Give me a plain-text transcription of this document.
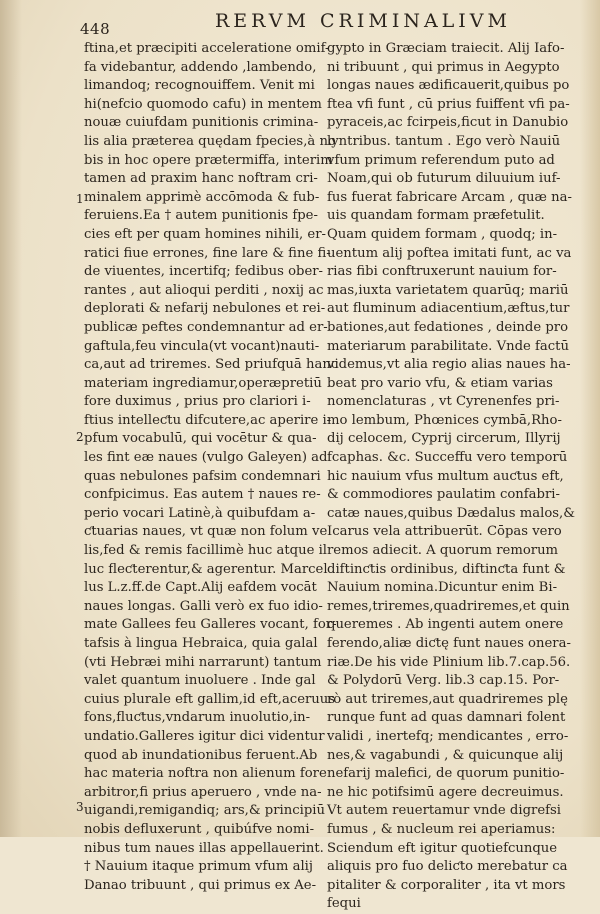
448	RERVM CRIMINALIVM
1
2
3
ftina,et præcipiti acceleratione omif-
fa videbantur, addendo ,lambendo,
limandoq; recognouiffem. Venit mi
hi(nefcio quomodo cafu) in mentem
nouæ cuiufdam punitionis crimina-
lis alia præterea quędam fpecies,à no
bis in hoc opere prætermiffa, interim
tamen ad praxim hanc noftram cri-
minalem apprimè accōmoda & fub-
feruiens.Ea † autem punitionis fpe-
cies eft per quam homines nihili, er-
ratici fiue errones, fine lare & fine fi-
de viuentes, incertifq; fedibus ober-
rantes , aut alioqui perditi , noxij ac
deplorati & nefarij nebulones et rei-
publicæ peftes condemnantur ad er-
gaftula,feu vincula(vt vocant)nauti-
ca,aut ad triremes. Sed priufquā hanc
materiam ingrediamur,operæpretiū
fore duximus , prius pro clariori i-
ftius intelleƈtu difcutere,ac aperire i-
pfum vocabulū, qui vocētur & qua-
les fint eæ naues (vulgo Galeyen) ad
quas nebulones pafsim condemnari
confpicimus. Eas autem † naues re-
perio vocari Latinè,à quibufdam a-
ƈtuarias naues, vt quæ non folum ve
lis,fed & remis facillimè huc atque il
luc fleƈterentur,& agerentur. Marcel
lus L.z.ff.de Capt.Alij eafdem vocāt
naues longas. Galli verò ex fuo idio-
mate Gallees feu Galleres vocant, for-
tafsis à lingua Hebraica, quia galal
(vti Hebræi mihi narrarunt) tantum
valet quantum inuoluere . Inde gal
cuius plurale eft gallim,id eft,aceruus
fons,fluƈtus,vndarum inuolutio,in-
undatio.Galleres igitur dici videntur
quod ab inundationibus feruent.Ab
hac materia noftra non alienum fore
arbitror,fi prius aperuero , vnde na-
uigandi,remigandiq; ars,& principiū
nobis defluxerunt , quibúfve nomi-
nibus tum naues illas appellauerint.
† Nauium itaque primum vfum alij
Danao tribuunt , qui primus ex Ae-
gypto in Græciam traiecit. Alij Iafo-
ni tribuunt , qui primus in Aegypto
longas naues ædificauerit,quibus po
ftea vfi funt , cū prius fuiffent vfi pa-
pyraceis,ac fcirpeis,ficut in Danubio
lyntribus. tantum . Ego verò Nauiū
vfum primum referendum puto ad
Noam,qui ob futurum diluuium iuf-
fus fuerat fabricare Arcam , quæ na-
uis quandam formam præfetulit.
Quam quidem formam , quodq; in-
uentum alij poftea imitati funt, ac va
rias fibi conftruxerunt nauium for-
mas,iuxta varietatem quarūq; mariū
aut fluminum adiacentium,æftus,tur
bationes,aut fedationes , deinde pro
materiarum parabilitate. Vnde factū
videmus,vt alia regio alias naues ha-
beat pro vario vfu, & etiam varias
nomenclaturas , vt Cyrenenfes pri-
mo lembum, Phœnices cymbā,Rho-
dij celocem, Cyprij circerum, Illyrij
fcaphas. &c. Succeffu vero temporū
hic nauium vfus multum auƈtus eft,
& commodiores paulatim confabri-
catæ naues,quibus Dædalus malos,&
Icarus vela attribuerūt. Cōpas vero
remos adiecit. A quorum remorum
diftinƈtis ordinibus, diftinƈta funt &
Nauium nomina.Dicuntur enim Bi-
remes,triremes,quadriremes,et quin
queremes . Ab ingenti autem onere
ferendo,aliæ diƈtę funt naues onera-
riæ.De his vide Plinium lib.7.cap.56.
& Polydorū Verg. lib.3 cap.15. Por-
rò aut triremes,aut quadriremes plę
runque funt ad quas damnari folent
validi , inertefq; mendicantes , erro-
nes,& vagabundi , & quicunque alij
nefarij malefici, de quorum punitio-
ne hic potifsimū agere decreuimus.
Vt autem reuertamur vnde digrefsi
fumus , & nucleum rei aperiamus:
Sciendum eft igitur quotiefcunque
aliquis pro fuo deliƈto merebatur ca
pitaliter & corporaliter , ita vt mors
fequi
